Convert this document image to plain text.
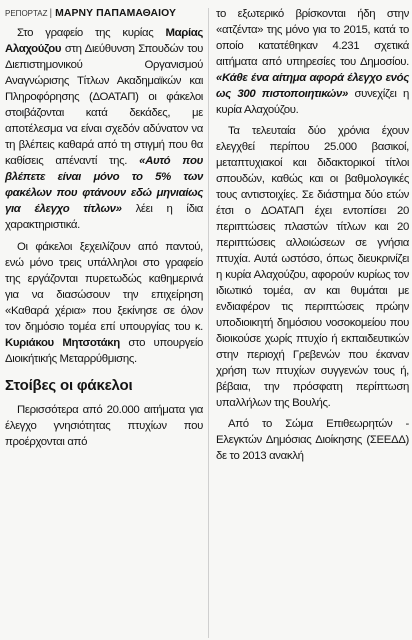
ΡΕΠΟΡΤΑΖ | ΜΑΡΝΥ ΠΑΠΑΜΑΘΑΙΟΥ

Στο γραφείο της κυρίας Μαρίας Αλαχούζου στη Διεύθυνση Σπουδών του Διεπιστημονικού Οργανισμού Αναγνώρισης Τίτλων Ακαδημαϊκών και Πληροφόρησης (ΔΟΑΤΑΠ) οι φάκελοι στοιβάζονται κατά δεκάδες, με αποτέλεσμα να είναι σχεδόν αδύνατον να τη βλέπεις καθαρά από τη στιγμή που θα καθίσεις απέναντί της. «Αυτό που βλέπετε είναι μόνο το 5% των φακέλων που φτάνουν εδώ μηνιαίως για έλεγχο τίτλων» λέει η ίδια χαρακτηριστικά.

Οι φάκελοι ξεχειλίζουν από παντού, ενώ μόνο τρεις υπάλληλοι στο γραφείο της εργάζονται πυρετωδώς καθημερινά για να διασώσουν την επιχείρηση «Καθαρά χέρια» που ξεκίνησε σε όλον τον δημόσιο τομέα επί υπουργίας του κ. Κυριάκου Μητσοτάκη στο υπουργείο Διοικήτικής Μεταρρύθμισης.

Στοίβες οι φάκελοι

Περισσότερα από 20.000 αιτήματα για έλεγχο γνησιότητας πτυχίων που προέρχονται από

το εξωτερικό βρίσκονται ήδη στην «ατζέντα» της μόνο για το 2015, κατά το οποίο κατατέθηκαν 4.231 σχετικά αιτήματα από υπηρεσίες του Δημοσίου. «Κάθε ένα αίτημα αφορά έλεγχο ενός ως 300 πιστοποιητικών» συνεχίζει η κυρία Αλαχούζου.

Τα τελευταία δύο χρόνια έχουν ελεγχθεί περίπου 25.000 βασικοί, μεταπτυχιακοί και διδακτορικοί τίτλοι σπουδών, καθώς και οι βαθμολογικές τους αντιστοιχίες. Σε διάστημα δύο ετών έτσι ο ΔΟΑΤΑΠ έχει εντοπίσει 20 περιπτώσεις πλαστών τίτλων και 20 περιπτώσεις αλλοιώσεων σε γνήσια πτυχία. Αυτά ωστόσο, όπως διευκρινίζει η κυρία Αλαχούζου, αφορούν κυρίως τον ιδιωτικό τομέα, αν και θυμάται με ενδιαφέρον τις περιπτώσεις πρώην υποδιοικητή δημόσιου νοσοκομείου που διοικούσε χωρίς πτυχίο ή εκπαιδευτικών στην περιοχή Γρεβενών που έκαναν χρήση των πτυχίων συγγενών τους ή, βέβαια, την πρόσφατη περίπτωση υπαλλήλων της Βουλής.

Από το Σώμα Επιθεωρητών - Ελεγκτών Δημόσιας Διοίκησης (ΣΕΕΔΔ) δε το 2013 ανακλή
